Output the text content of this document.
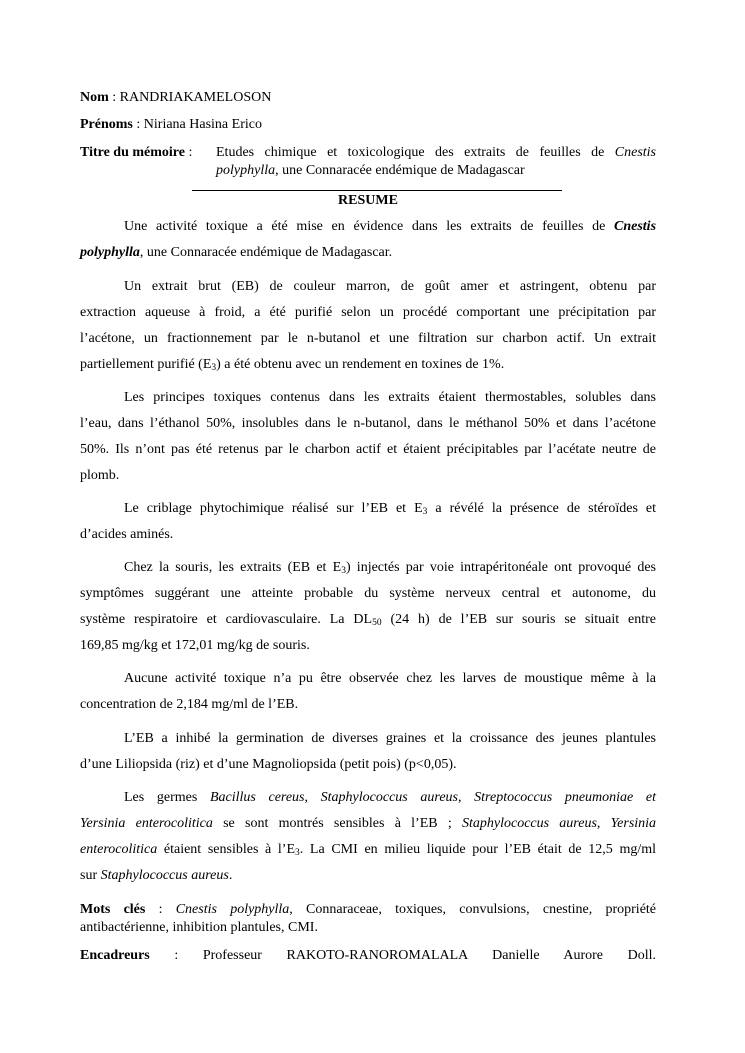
Nom : RANDRIAKAMELOSON
Prénoms : Niriana Hasina Erico
Titre du mémoire : Etudes chimique et toxicologique des extraits de feuilles de Cnestis
polyphylla, une Connaracée endémique de Madagascar
RESUME
Une activité toxique a été mise en évidence dans les extraits de feuilles de Cnestis
polyphylla, une Connaracée endémique de Madagascar.
Un extrait brut (EB) de couleur marron, de goût amer et astringent, obtenu par
extraction aqueuse à froid, a été purifié selon un procédé comportant une précipitation par
l’acétone, un fractionnement par le n-butanol et une filtration sur charbon actif. Un extrait
partiellement purifié $(E_3)$ a été obtenu avec un rendement en toxines de 1%.
Les principes toxiques contenus dans les extraits étaient thermostables, solubles dans
l’eau, dans l’éthanol 50%, insolubles dans le n-butanol, dans le méthanol 50% et dans l’acétone
50%. Ils n’ont pas été retenus par le charbon actif et étaient précipitables par l’acétate neutre de
plomb.
Le criblage phytochimique réalisé sur l’EB et $E_3$ a révélé la présence de stéroïdes et
d’acides aminés.
Chez la souris, les extraits (EB et $E_3$) injectés par voie intrapéritonéale ont provoqué des
symptômes suggérant une atteinte probable du système nerveux central et autonome, du
système respiratoire et cardiovasculaire. La $DL_{50}$ (24 h) de l’EB sur souris se situait entre
169,85 mg/kg et 172,01 mg/kg de souris.
Aucune activité toxique n’a pu être observée chez les larves de moustique même à la
concentration de 2,184 mg/ml de l’EB.
L’EB a inhibé la germination de diverses graines et la croissance des jeunes plantules
d’une Liliopsida (riz) et d’une Magnoliopsida (petit pois) (p<0,05).
Les germes Bacillus cereus, Staphylococcus aureus, Streptococcus pneumoniae et
Yersinia enterocolitica se sont montrés sensibles à l’EB ; Staphylococcus aureus, Yersinia
enterocolitica étaient sensibles à $l’E_3$. La CMI en milieu liquide pour l’EB était de 12,5 mg/ml
sur Staphylococcus aureus.
Mots clés : Cnestis polyphylla, Connaraceae, toxiques, convulsions, cnestine, propriété
antibactérienne, inhibition plantules, CMI.
Encadreurs : Professeur RAKOTO-RANOROMALALA Danielle Aurore Doll.
